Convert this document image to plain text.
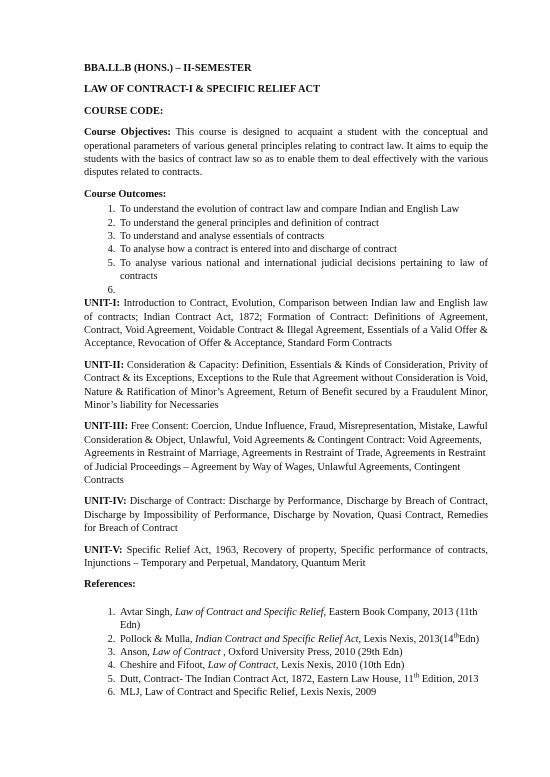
BBA.LL.B (HONS.) – II-SEMESTER

LAW OF CONTRACT-I & SPECIFIC RELIEF ACT

COURSE CODE:

Course Objectives: This course is designed to acquaint a student with the conceptual and operational parameters of various general principles relating to contract law. It aims to equip the students with the basics of contract law so as to enable them to deal effectively with the various disputes related to contracts.

Course Outcomes:

1. To understand the evolution of contract law and compare Indian and English Law
2. To understand the general principles and definition of contract
3. To understand and analyse essentials of contracts
4. To analyse how a contract is entered into and discharge of contract
5. To analyse various national and international judicial decisions pertaining to law of contracts
6.

UNIT-I: Introduction to Contract, Evolution, Comparison between Indian law and English law of contracts; Indian Contract Act, 1872; Formation of Contract: Definitions of Agreement, Contract, Void Agreement, Voidable Contract & Illegal Agreement, Essentials of a Valid Offer & Acceptance, Revocation of Offer & Acceptance, Standard Form Contracts

UNIT-II: Consideration & Capacity: Definition, Essentials & Kinds of Consideration, Privity of Contract & its Exceptions, Exceptions to the Rule that Agreement without Consideration is Void, Nature & Ratification of Minor’s Agreement, Return of Benefit secured by a Fraudulent Minor, Minor’s liability for Necessaries

UNIT-III: Free Consent: Coercion, Undue Influence, Fraud, Misrepresentation, Mistake, Lawful Consideration & Object, Unlawful, Void Agreements & Contingent Contract: Void Agreements, Agreements in Restraint of Marriage, Agreements in Restraint of Trade, Agreements in Restraint of Judicial Proceedings – Agreement by Way of Wages, Unlawful Agreements, Contingent Contracts

UNIT-IV: Discharge of Contract: Discharge by Performance, Discharge by Breach of Contract, Discharge by Impossibility of Performance, Discharge by Novation, Quasi Contract, Remedies for Breach of Contract

UNIT-V: Specific Relief Act, 1963, Recovery of property, Specific performance of contracts, Injunctions – Temporary and Perpetual, Mandatory, Quantum Merit

References:

1. Avtar Singh, Law of Contract and Specific Relief, Eastern Book Company, 2013 (11th Edn)
2. Pollock & Mulla, Indian Contract and Specific Relief Act, Lexis Nexis, 2013(14thEdn)
3. Anson, Law of Contract , Oxford University Press, 2010 (29th Edn)
4. Cheshire and Fifoot, Law of Contract, Lexis Nexis, 2010 (10th Edn)
5. Dutt, Contract- The Indian Contract Act, 1872, Eastern Law House, 11th Edition, 2013
6. MLJ, Law of Contract and Specific Relief, Lexis Nexis, 2009
